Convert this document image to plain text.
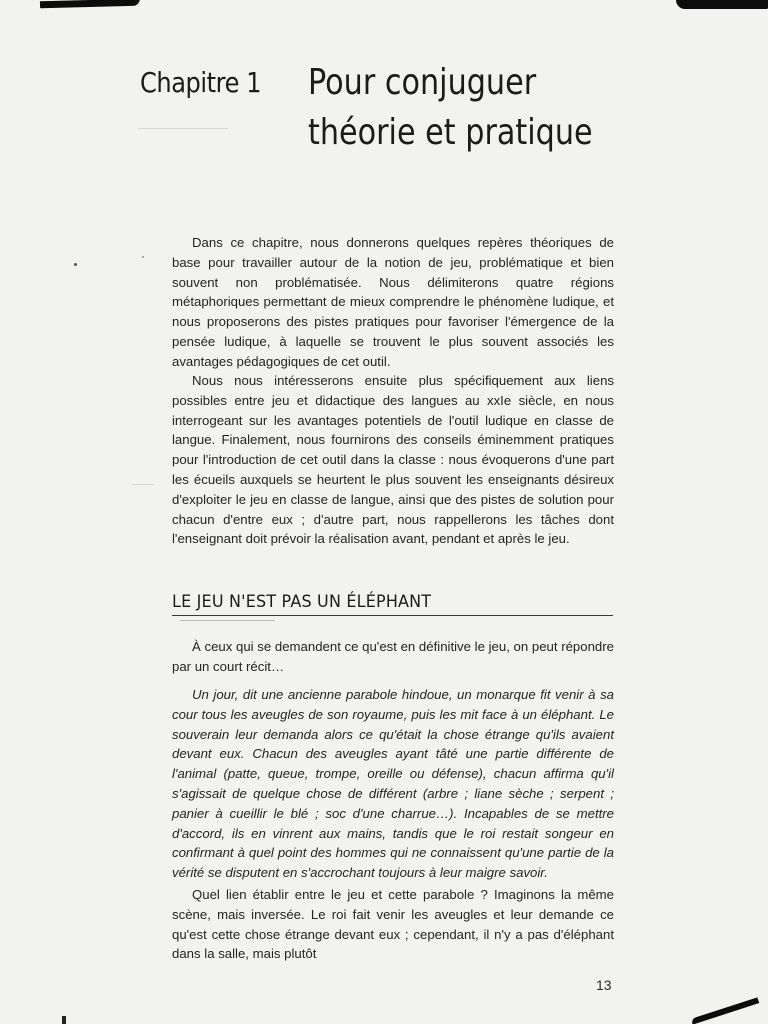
Chapitre 1 Pour conjuguer
théorie et pratique

Dans ce chapitre, nous donnerons quelques repères théoriques de base pour travailler autour de la notion de jeu, problématique et bien souvent non problématisée. Nous délimiterons quatre régions métaphoriques permettant de mieux comprendre le phénomène ludique, et nous proposerons des pistes pratiques pour favoriser l'émergence de la pensée ludique, à laquelle se trouvent le plus souvent associés les avantages pédagogiques de cet outil.

Nous nous intéresserons ensuite plus spécifiquement aux liens possibles entre jeu et didactique des langues au xxIe siècle, en nous interrogeant sur les avantages potentiels de l'outil ludique en classe de langue. Finalement, nous fournirons des conseils éminemment pratiques pour l'introduction de cet outil dans la classe : nous évoquerons d'une part les écueils auxquels se heurtent le plus souvent les enseignants désireux d'exploiter le jeu en classe de langue, ainsi que des pistes de solution pour chacun d'entre eux ; d'autre part, nous rappellerons les tâches dont l'enseignant doit prévoir la réalisation avant, pendant et après le jeu.

LE JEU N'EST PAS UN ÉLÉPHANT

À ceux qui se demandent ce qu'est en définitive le jeu, on peut répondre par un court récit…

Un jour, dit une ancienne parabole hindoue, un monarque fit venir à sa cour tous les aveugles de son royaume, puis les mit face à un éléphant. Le souverain leur demanda alors ce qu'était la chose étrange qu'ils avaient devant eux. Chacun des aveugles ayant tâté une partie différente de l'animal (patte, queue, trompe, oreille ou défense), chacun affirma qu'il s'agissait de quelque chose de différent (arbre ; liane sèche ; serpent ; panier à cueillir le blé ; soc d'une charrue…). Incapables de se mettre d'accord, ils en vinrent aux mains, tandis que le roi restait songeur en confirmant à quel point des hommes qui ne connaissent qu'une partie de la vérité se disputent en s'accrochant toujours à leur maigre savoir.

Quel lien établir entre le jeu et cette parabole ? Imaginons la même scène, mais inversée. Le roi fait venir les aveugles et leur demande ce qu'est cette chose étrange devant eux ; cependant, il n'y a pas d'éléphant dans la salle, mais plutôt

13
